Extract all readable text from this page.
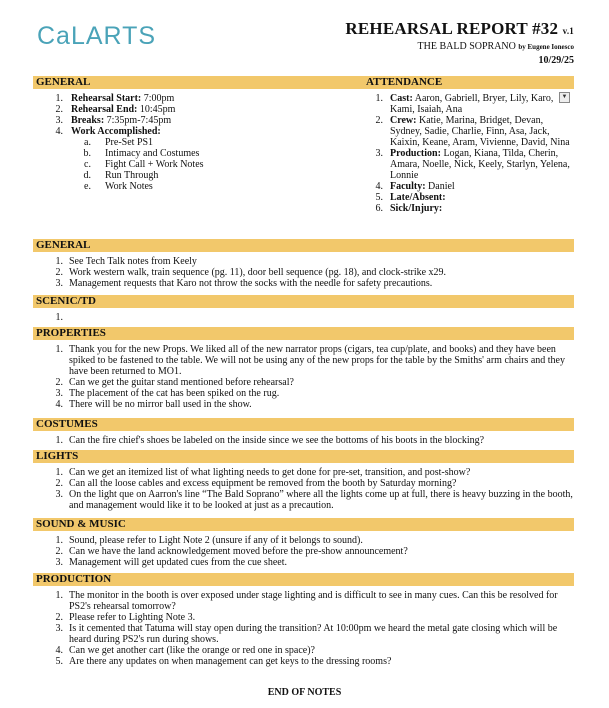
CaLARTS	REHEARSAL REPORT #32 v.1
THE BALD SOPRANO by Eugene Ionesco
10/29/25
GENERAL	ATTENDANCE
1. Rehearsal Start: 7:00pm
2. Rehearsal End: 10:45pm
3. Breaks: 7:35pm-7:45pm
4. Work Accomplished:
a.	Pre-Set PS1
b.	Intimacy and Costumes
c.	Fight Call + Work Notes
d.	Run Through
e.	Work Notes
1. Cast: Aaron, Gabriell, Bryer, Lily, Karo, Kami, Isaiah, Ana
2. Crew: Katie, Marina, Bridget, Devan, Sydney, Sadie, Charlie, Finn, Asa, Jack, Kaixin, Keane, Aram, Vivienne, David, Nina
3. Production: Logan, Kiana, Tilda, Cherin, Amara, Noelle, Nick, Keely, Starlyn, Yelena, Lonnie
4. Faculty: Daniel
5. Late/Absent:
6. Sick/Injury:
▼
GENERAL
1. See Tech Talk notes from Keely
2. Work western walk, train sequence (pg. 11), door bell sequence (pg. 18), and clock-strike x29.
3. Management requests that Karo not throw the socks with the needle for safety precautions.
SCENIC/TD
1.
PROPERTIES
1. Thank you for the new Props. We liked all of the new narrator props (cigars, tea cup/plate, and books) and they have been spiked to be fastened to the table. We will not be using any of the new props for the table by the Smiths' arm chairs and they have been returned to MO1.
2. Can we get the guitar stand mentioned before rehearsal?
3. The placement of the cat has been spiked on the rug.
4. There will be no mirror ball used in the show.
COSTUMES
1. Can the fire chief's shoes be labeled on the inside since we see the bottoms of his boots in the blocking?
LIGHTS
1. Can we get an itemized list of what lighting needs to get done for pre-set, transition, and post-show?
2. Can all the loose cables and excess equipment be removed from the booth by Saturday morning?
3. On the light que on Aarron's line “The Bald Soprano” where all the lights come up at full, there is heavy buzzing in the booth, and management would like it to be looked at just as a precaution.
SOUND & MUSIC
1. Sound, please refer to Light Note 2 (unsure if any of it belongs to sound).
2. Can we have the land acknowledgement moved before the pre-show announcement?
3. Management will get updated cues from the cue sheet.
PRODUCTION
1. The monitor in the booth is over exposed under stage lighting and is difficult to see in many cues. Can this be resolved for PS2's rehearsal tomorrow?
2. Please refer to Lighting Note 3.
3. Is it cemented that Tatuma will stay open during the transition? At 10:00pm we heard the metal gate closing which will be heard during PS2's run during shows.
4. Can we get another cart (like the orange or red one in space)?
5. Are there any updates on when management can get keys to the dressing rooms?
END OF NOTES
